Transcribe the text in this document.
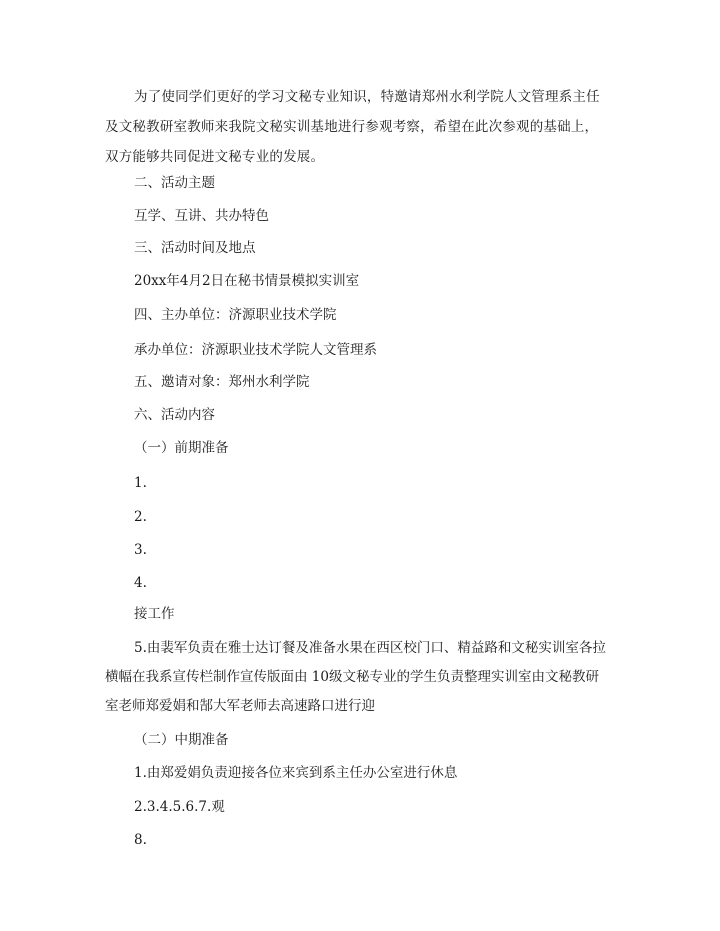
为了使同学们更好的学习文秘专业知识，特邀请郑州水利学院人文管理系主任及文秘教研室教师来我院文秘实训基地进行参观考察，希望在此次参观的基础上，双方能够共同促进文秘专业的发展。

二、活动主题

互学、互讲、共办特色

三、活动时间及地点

20xx年4月2日在秘书情景模拟实训室

四、主办单位：济源职业技术学院

承办单位：济源职业技术学院人文管理系

五、邀请对象：郑州水利学院

六、活动内容

（一）前期准备

1.

2.

3.

4.

接工作

5.由裴军负责在雅士达订餐及准备水果在西区校门口、精益路和文秘实训室各拉横幅在我系宣传栏制作宣传版面由 10级文秘专业的学生负责整理实训室由文秘教研室老师郑爱娟和郜大军老师去高速路口进行迎

（二）中期准备

1.由郑爱娟负责迎接各位来宾到系主任办公室进行休息

2.3.4.5.6.7.观

8.
